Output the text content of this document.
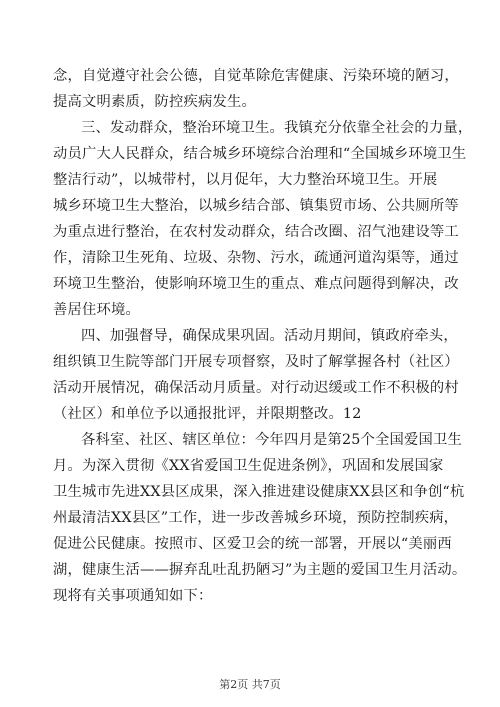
念，自觉遵守社会公德，自觉革除危害健康、污染环境的陋习，
提高文明素质，防控疾病发生。
三、发动群众，整治环境卫生。我镇充分依靠全社会的力量，
动员广大人民群众，结合城乡环境综合治理和“全国城乡环境卫生
整洁行动”，以城带村，以月促年，大力整治环境卫生。开展
城乡环境卫生大整治，以城乡结合部、镇集贸市场、公共厕所等
为重点进行整治，在农村发动群众，结合改圈、沼气池建设等工
作，清除卫生死角、垃圾、杂物、污水，疏通河道沟渠等，通过
环境卫生整治，使影响环境卫生的重点、难点问题得到解决，改
善居住环境。
四、加强督导，确保成果巩固。活动月期间，镇政府牵头，
组织镇卫生院等部门开展专项督察，及时了解掌握各村（社区）
活动开展情况，确保活动月质量。对行动迟缓或工作不积极的村
（社区）和单位予以通报批评，并限期整改。12
各科室、社区、辖区单位：今年四月是第25个全国爱国卫生
月。为深入贯彻《XX省爱国卫生促进条例》，巩固和发展国家
卫生城市先进XX县区成果，深入推进建设健康XX县区和争创“杭
州最清洁XX县区”工作，进一步改善城乡环境，预防控制疾病，
促进公民健康。按照市、区爱卫会的统一部署，开展以“美丽西
湖，健康生活——摒弃乱吐乱扔陋习”为主题的爱国卫生月活动。
现将有关事项通知如下：
第2页 共7页
